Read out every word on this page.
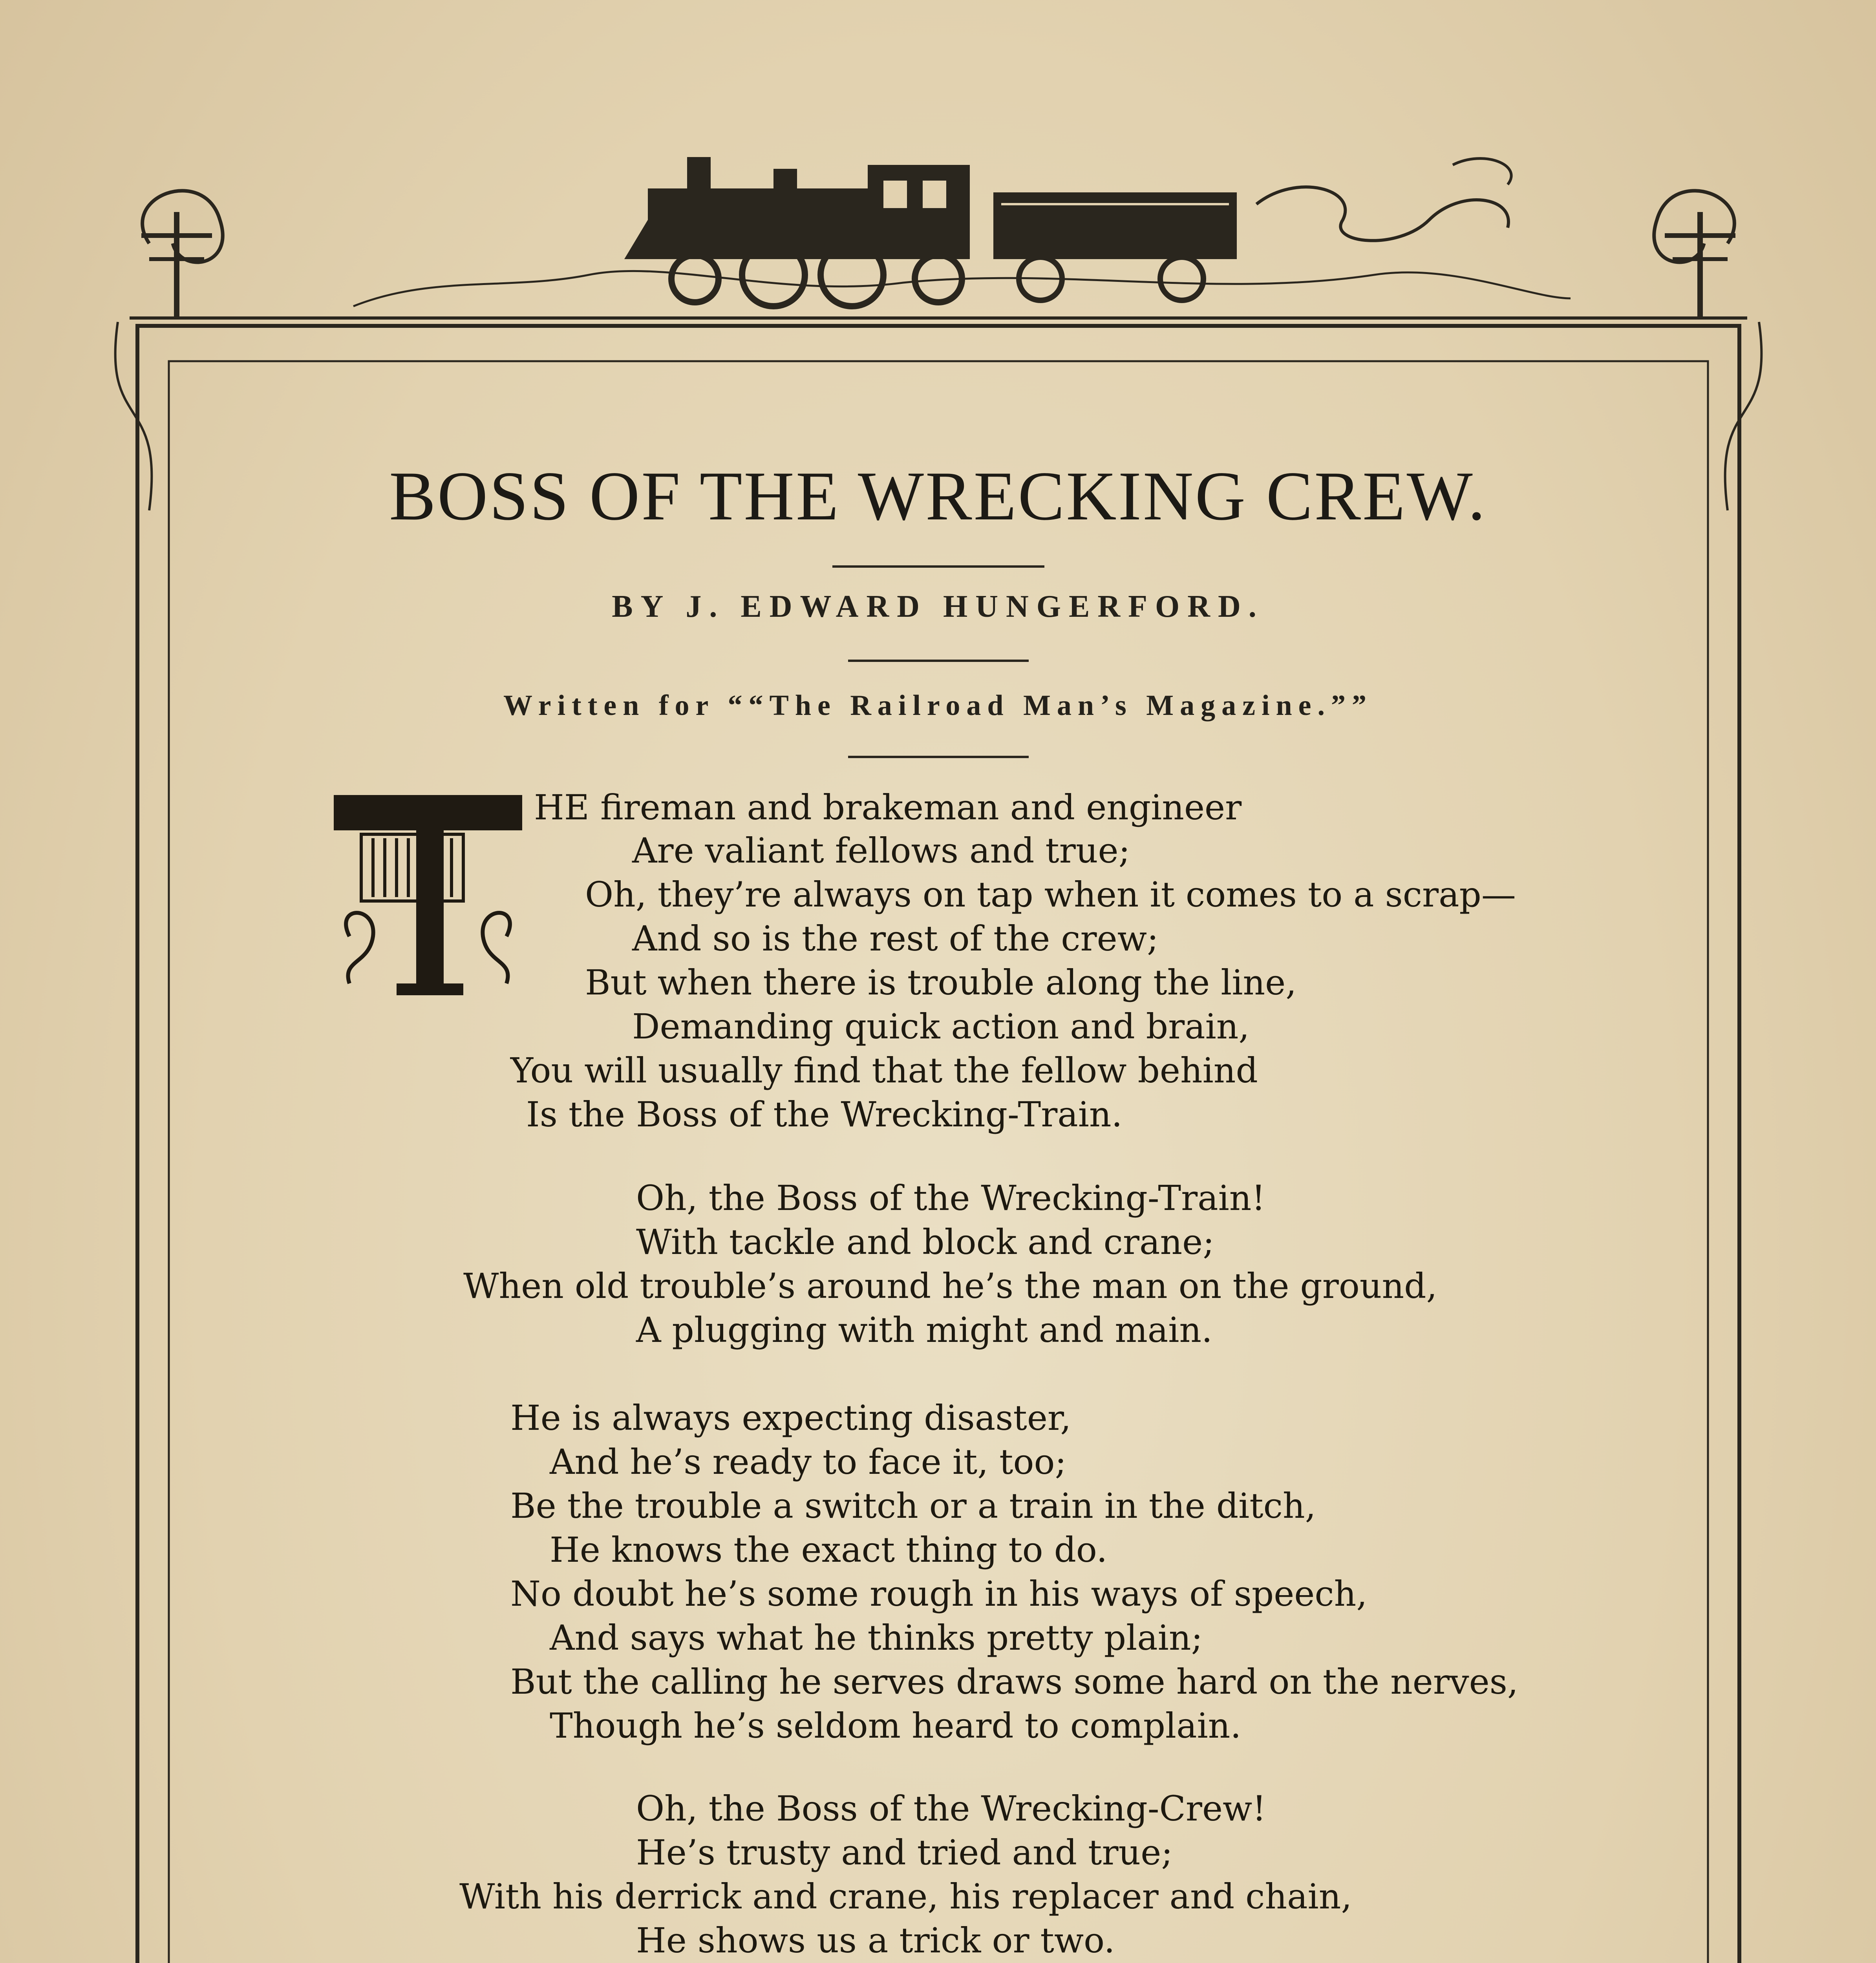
BOSS OF THE WRECKING CREW.
BY J. EDWARD HUNGERFORD.
Written for ““The Railroad Man’s Magazine.””
HE fireman and brakeman and engineer
Are valiant fellows and true;
Oh, they’re always on tap when it comes to a scrap—
And so is the rest of the crew;
But when there is trouble along the line,
Demanding quick action and brain,
You will usually find that the fellow behind
Is the Boss of the Wrecking-Train.
Oh, the Boss of the Wrecking-Train!
With tackle and block and crane;
When old trouble’s around he’s the man on the ground,
A plugging with might and main.
He is always expecting disaster,
And he’s ready to face it, too;
Be the trouble a switch or a train in the ditch,
He knows the exact thing to do.
No doubt he’s some rough in his ways of speech,
And says what he thinks pretty plain;
But the calling he serves draws some hard on the nerves,
Though he’s seldom heard to complain.
Oh, the Boss of the Wrecking-Crew!
He’s trusty and tried and true;
With his derrick and crane, his replacer and chain,
He shows us a trick or two.
